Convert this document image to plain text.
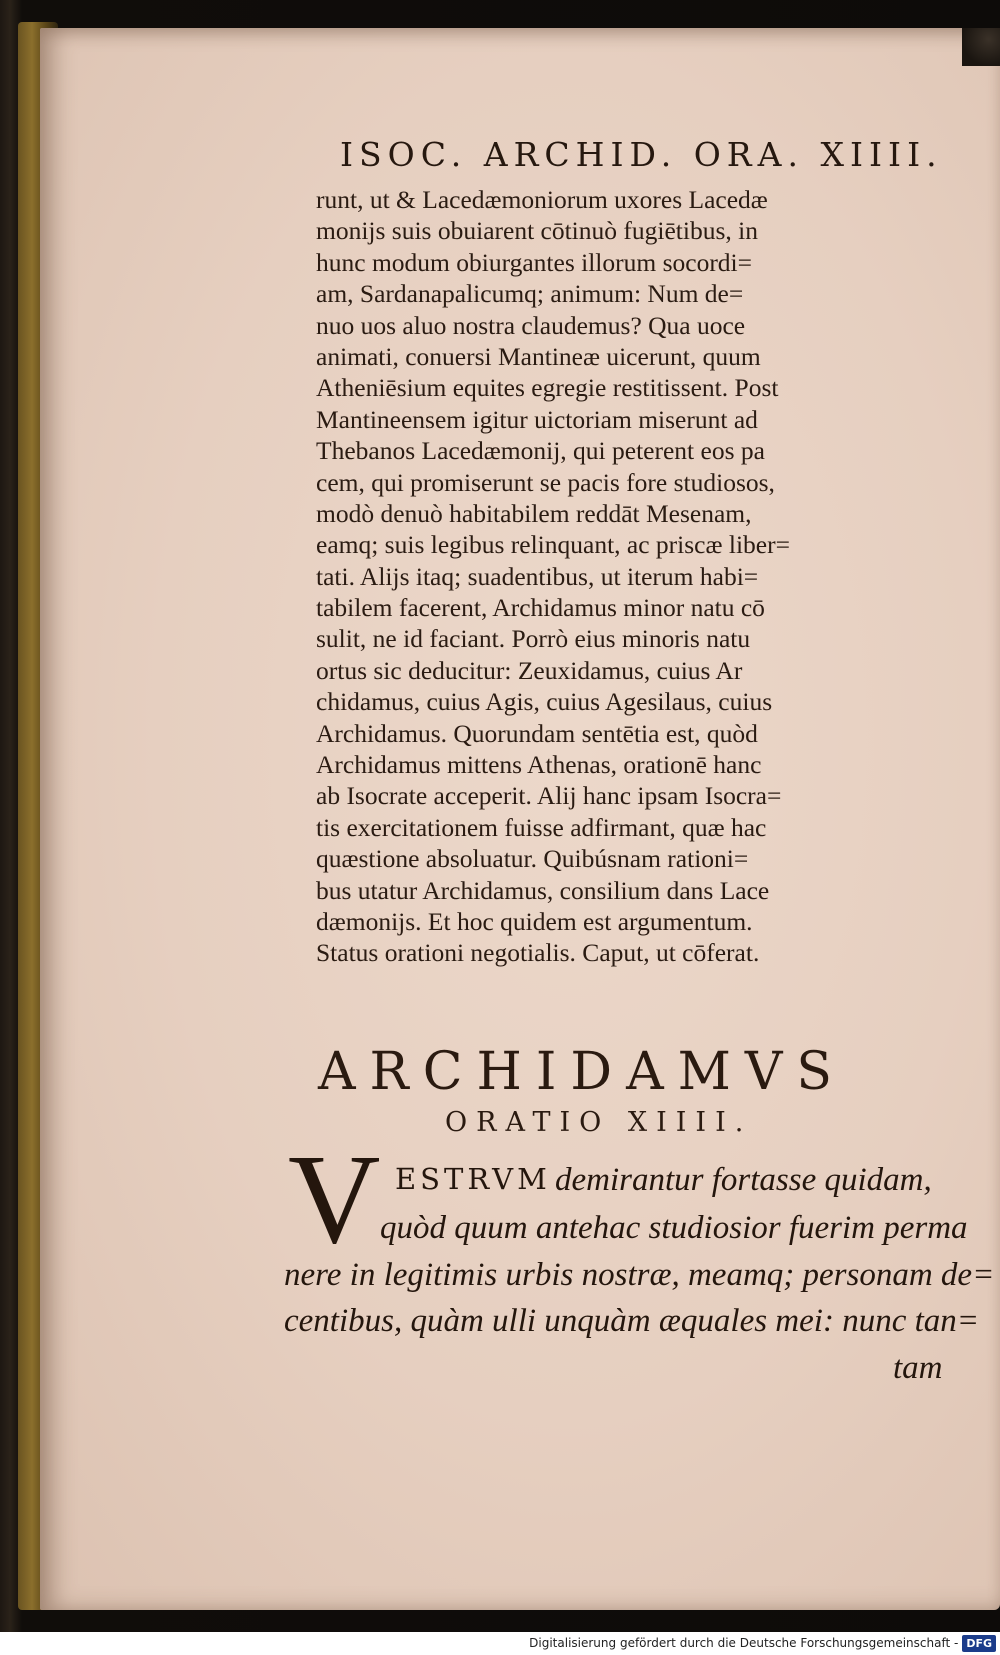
ISOC. ARCHID. ORA. XIIII.
runt, ut & Lacedæmoniorum uxores Lacedæ
monijs suis obuiarent cōtinuò fugiētibus, in
hunc modum obiurgantes illorum socordi=
am, Sardanapalicumq; animum: Num de=
nuo uos aluo nostra claudemus? Qua uoce
animati, conuersi Mantineæ uicerunt, quum
Atheniēsium equites egregie restitissent. Post
Mantineensem igitur uictoriam miserunt ad
Thebanos Lacedæmonij, qui peterent eos pa
cem, qui promiserunt se pacis fore studiosos,
modò denuò habitabilem reddāt Mesenam,
eamq; suis legibus relinquant, ac priscæ liber=
tati. Alijs itaq; suadentibus, ut iterum habi=
tabilem facerent, Archidamus minor natu cō
sulit, ne id faciant. Porrò eius minoris natu
ortus sic deducitur: Zeuxidamus, cuius Ar
chidamus, cuius Agis, cuius Agesilaus, cuius
Archidamus. Quorundam sentētia est, quòd
Archidamus mittens Athenas, orationē hanc
ab Isocrate acceperit. Alij hanc ipsam Isocra=
tis exercitationem fuisse adfirmant, quæ hac
quæstione absoluatur. Quibúsnam rationi=
bus utatur Archidamus, consilium dans Lace
dæmonijs. Et hoc quidem est argumentum.
Status orationi negotialis. Caput, ut cōferat.
ARCHIDAMVS
ORATIO XIIII.
V ESTRVM demirantur fortasse quidam,
quòd quum antehac studiosior fuerim perma
nere in legitimis urbis nostræ, meamq; personam de=
centibus, quàm ulli unquàm æquales mei: nunc tan=
tam
Digitalisierung gefördert durch die Deutsche Forschungsgemeinschaft - DFG
